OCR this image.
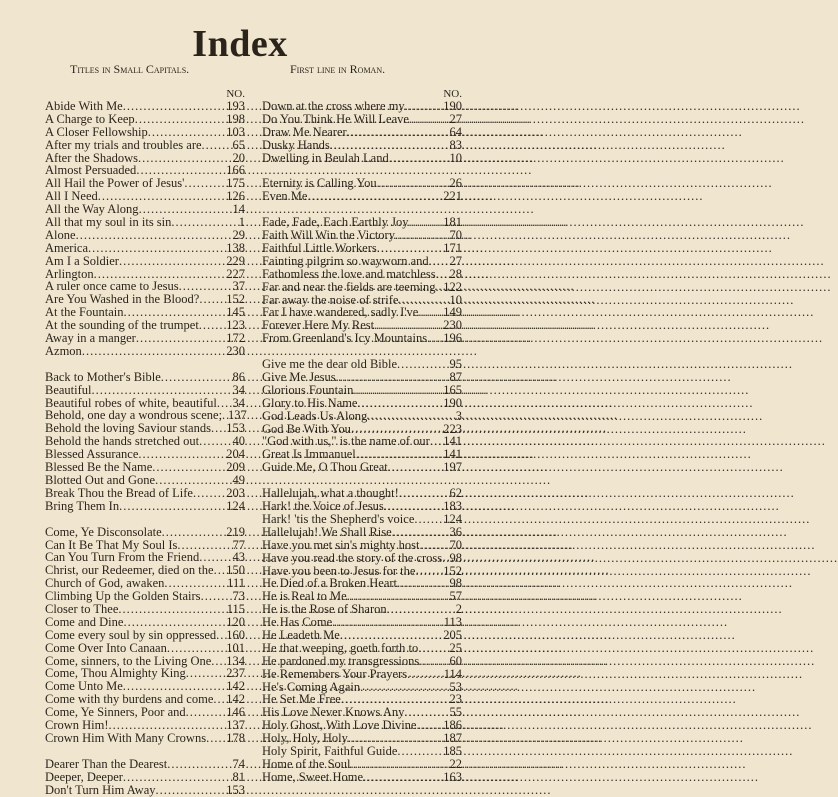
Index
Titles in Small Capitals.	First line in Roman.
NO.
Abide With Me .....	193
A Charge to Keep .....	198
A Closer Fellowship .....	103
After my trials and troubles are ..... 65
After the Shadows .....	20
Almost Persuaded .....	166
All Hail the Power of Jesus' .....	175
All I Need .....	126
All the Way Along .....	14
All that my soul in its sin .....	1
Alone .....	29
America .....	138
Am I a Soldier .....	229
Arlington .....	227
A ruler once came to Jesus .....	37
Are You Washed in the Blood? ..... 152
At the Fountain .....	145
At the sounding of the trumpet ..... 123
Away in a manger .....	172
Azmon .....	230
Back to Mother's Bible .....	86
Beautiful .....	34
Beautiful robes of white, beautiful ..... 34
Behold, one day a wondrous scene; ..... 137
Behold the loving Saviour stands ..... 153
Behold the hands stretched out .....	40
Blessed Assurance .....	204
Blessed Be the Name .....	209
Blotted Out and Gone .....	49
Break Thou the Bread of Life .....	203
Bring Them In .....	124
Come, Ye Disconsolate .....	219
Can It Be That My Soul Is .....	77
Can You Turn From the Friend .....	43
Christ, our Redeemer, died on the ..... 150
Church of God, awaken .....	111
Climbing Up the Golden Stairs .....	73
Closer to Thee .....	115
Come and Dine .....	120
Come every soul by sin oppressed ..... 160
Come Over Into Canaan .....	101
Come, sinners, to the Living One ..... 134
Come, Thou Almighty King .....	237
Come Unto Me .....	142
Come with thy burdens and come ..... 142
Come, Ye Sinners, Poor and .....	146
Crown Him! .....	137
Crown Him With Many Crowns ..... 178
Dearer Than the Dearest .....	74
Deeper, Deeper .....	81
Don't Turn Him Away .....	153
NO.
Down at the cross where my .....	190
Do You Think He Will Leave .....	27
Draw Me Nearer .....	64
Dusky Hands .....	83
Dwelling in Beulah Land .....	10
Eternity is Calling You .....	26
Even Me .....	221
Fade, Fade, Each Earthly Joy .....	181
Faith Will Win the Victory .....	70
Faithful Little Workers .....	171
Fainting pilgrim so wayworn and ..... 27
Fathomless the love and matchless ..... 28
Far and near the fields are teeming ..... 122
Far away the noise of strife .....	10
Far I have wandered, sadly I've ..... 149
Forever Here My Rest .....	230
From Greenland's Icy Mountains ..... 196
Give me the dear old Bible .....	95
Give Me Jesus .....	87
Glorious Fountain .....	165
Glory to His Name .....	190
God Leads Us Along .....	3
God Be With You .....	223
"God with us," is the name of our ..... 141
Great Is Immanuel .....	141
Guide Me, O Thou Great .....	197
Hallelujah, what a thought! .....	62
Hark! the Voice of Jesus .....	183
Hark! 'tis the Shepherd's voice ..... 124
Hallelujah! We Shall Rise .....	36
Have you met sin's mighty host ..... 70
Have you read the story of the cross ..... 98
Have you been to Jesus for the ..... 152
He Died of a Broken Heart .....	98
He is Real to Me .....	57
He is the Rose of Sharon .....	2
He Has Come .....	113
He Leadeth Me .....	205
He that weeping, goeth forth to .....	25
He pardoned my transgressions ..... 60
He Remembers Your Prayers .....	114
He's Coming Again .....	53
He Set Me Free .....	23
His Love Never Knows Any .....	55
Holy Ghost, With Love Divine ..... 186
Holy, Holy, Holy .....	187
Holy Spirit, Faithful Guide .....	185
Home of the Soul .....	22
Home, Sweet Home .....	163
